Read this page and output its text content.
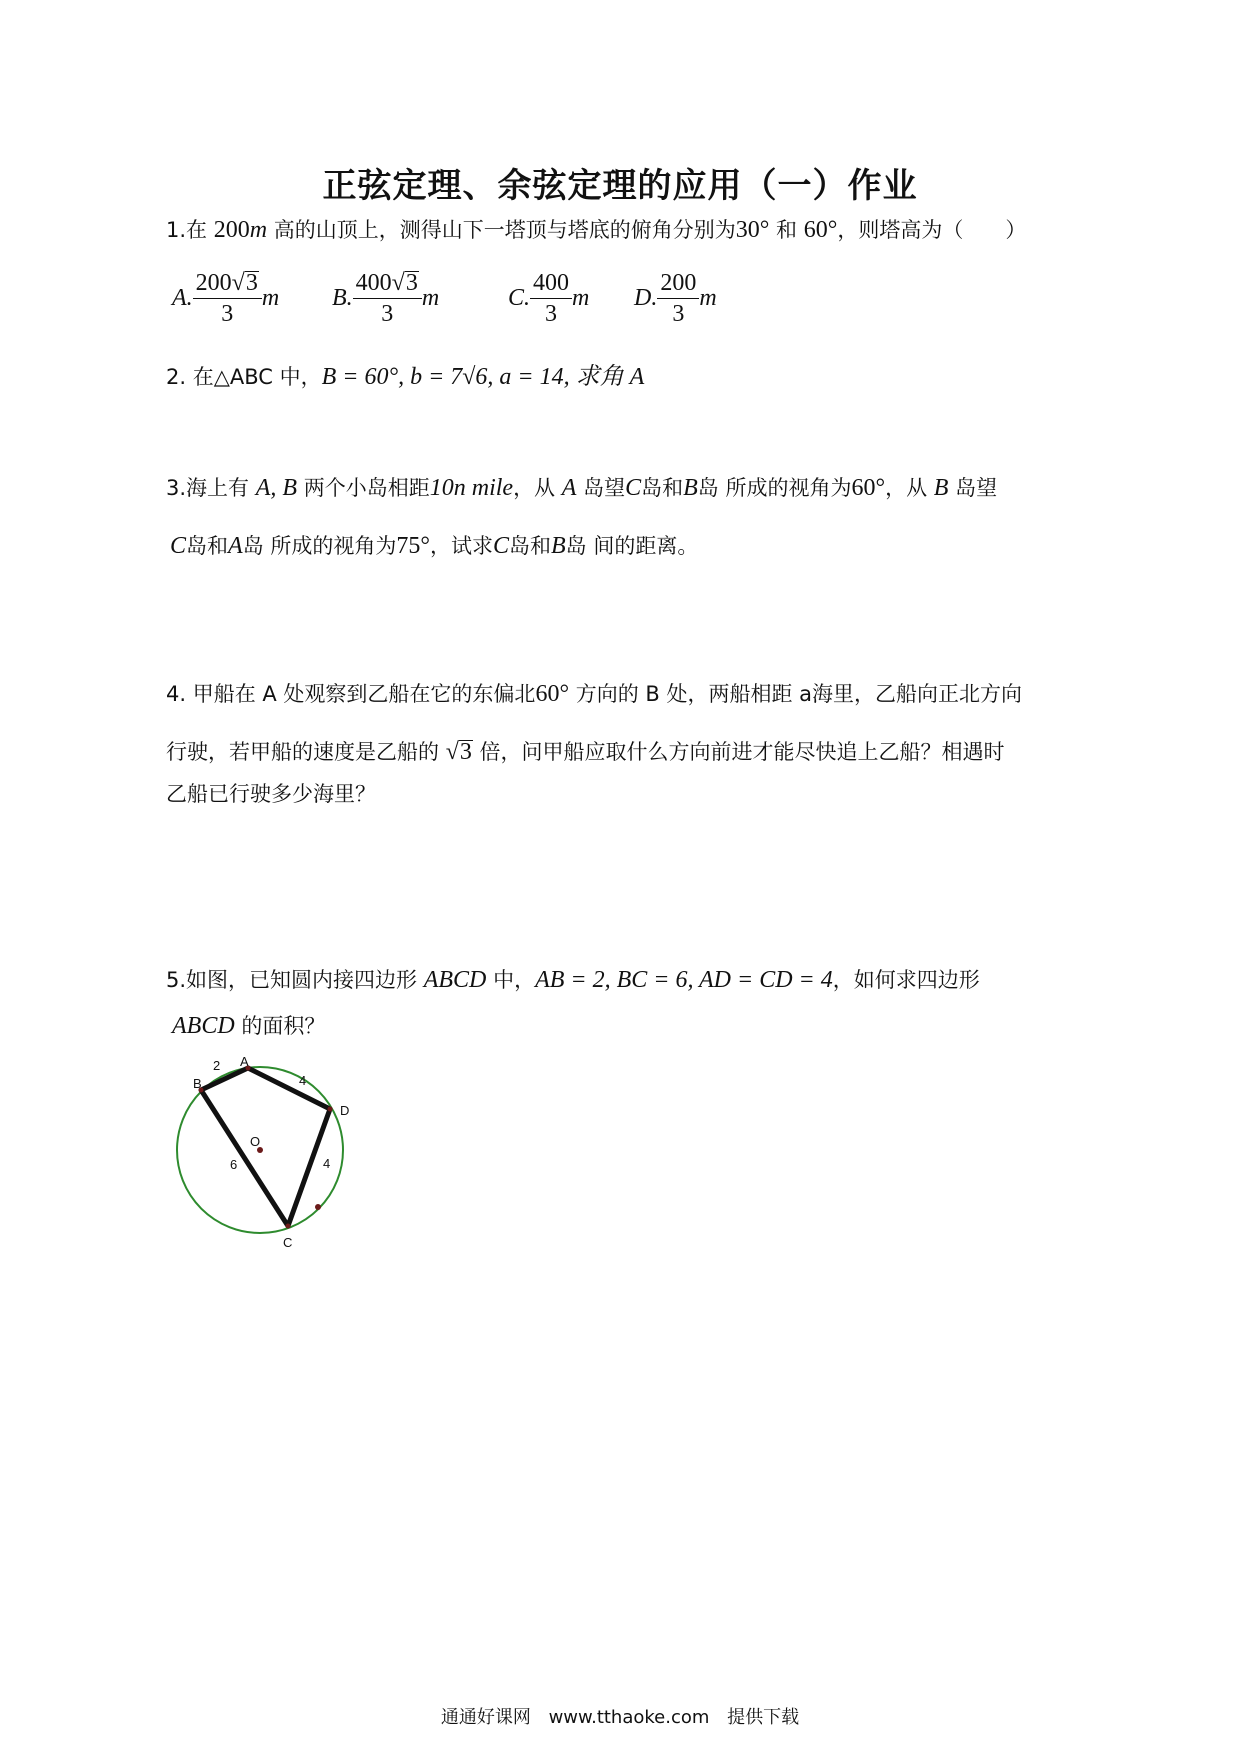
正弦定理、余弦定理的应用（一）作业
1.在 200m 高的山顶上，测得山下一塔顶与塔底的俯角分别为30° 和 60°，则塔高为（　　）
A. $\frac{200√3}{3}$ m B. $\frac{400√3}{3}$ m	C. $\frac{400}{3}$ m D. $\frac{200}{3}$ m
2. 在△ABC 中，B = 60°, b = 7√6, a = 14, 求角 A
3.海上有 A, B 两个小岛相距10n mile，从 A 岛望C岛和B岛 所成的视角为60°，从 B 岛望
C岛和A岛 所成的视角为75°，试求C岛和B岛 间的距离。
4. 甲船在 A 处观察到乙船在它的东偏北60° 方向的 B 处，两船相距 a海里，乙船向正北方向
行驶，若甲船的速度是乙船的 √3 倍，问甲船应取什么方向前进才能尽快追上乙船？相遇时
乙船已行驶多少海里？
5.如图，已知圆内接四边形 ABCD 中，AB = 2, BC = 6, AD = CD = 4，如何求四边形
ABCD 的面积？
A
B
C
D
O
2
4
6	4
通通好课网 www.tthaoke.com 提供下载
